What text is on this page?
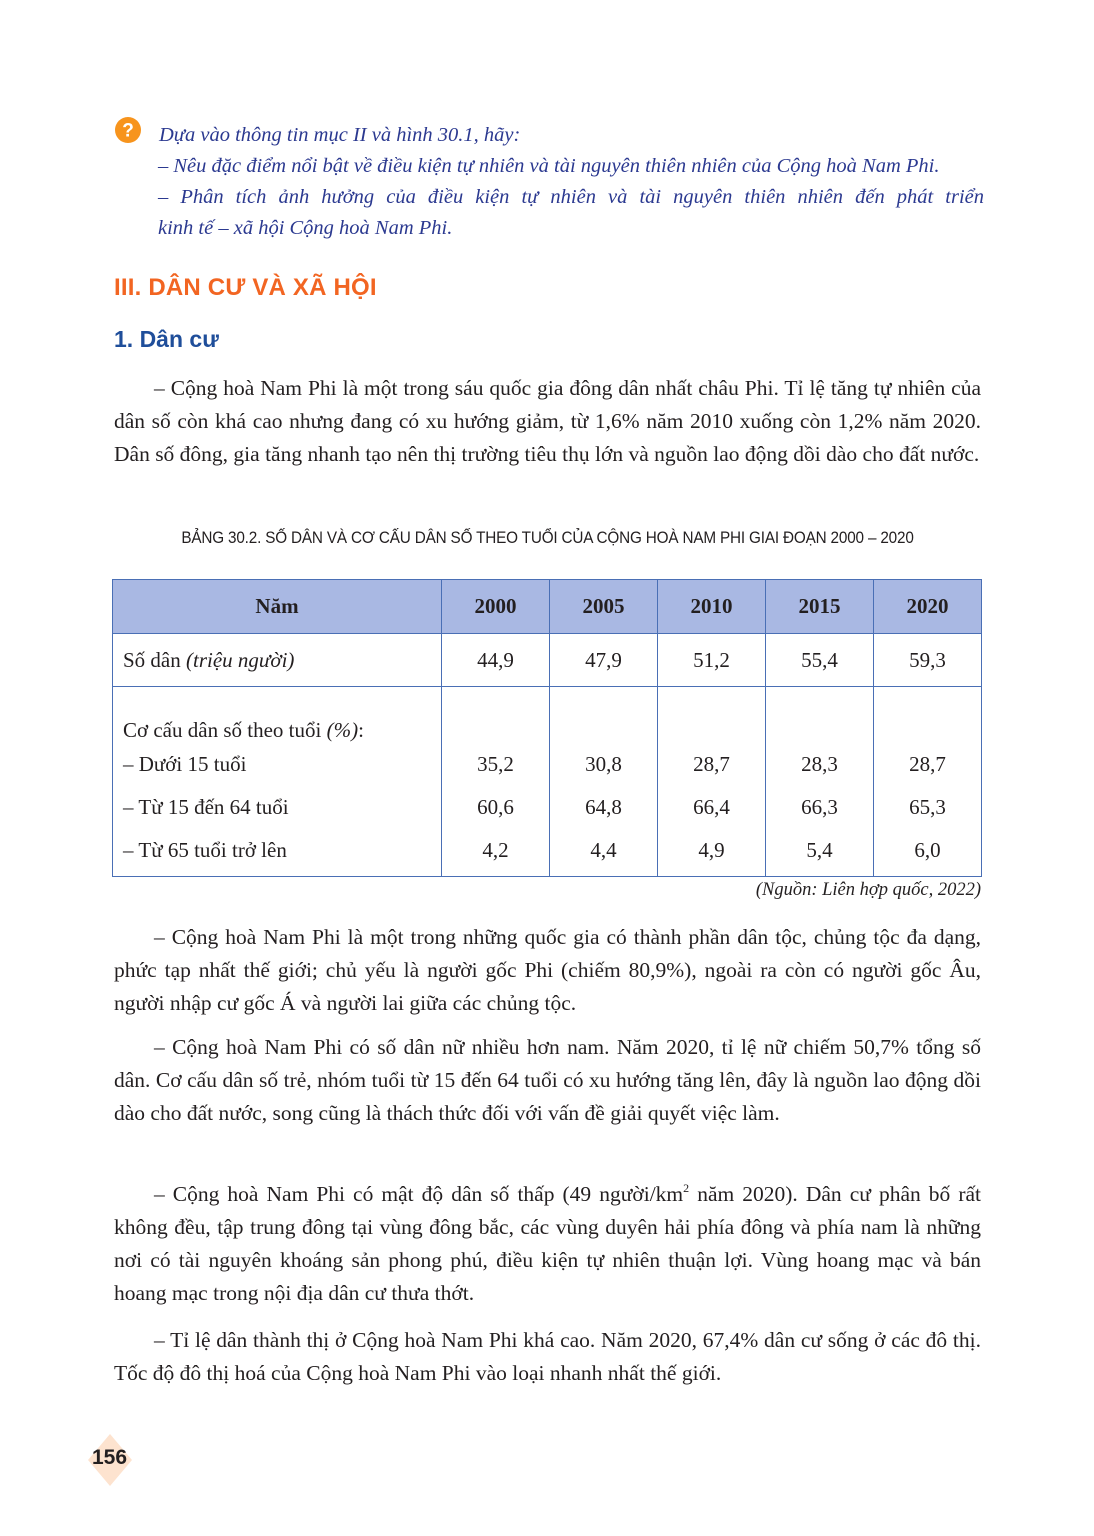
? Dựa vào thông tin mục II và hình 30.1, hãy:
– Nêu đặc điểm nổi bật về điều kiện tự nhiên và tài nguyên thiên nhiên của Cộng hoà Nam Phi.
– Phân tích ảnh hưởng của điều kiện tự nhiên và tài nguyên thiên nhiên đến phát triển
kinh tế – xã hội Cộng hoà Nam Phi.
III. DÂN CƯ VÀ XÃ HỘI
1. Dân cư

– Cộng hoà Nam Phi là một trong sáu quốc gia đông dân nhất châu Phi. Tỉ lệ tăng tự nhiên của dân số còn khá cao nhưng đang có xu hướng giảm, từ 1,6% năm 2010 xuống còn 1,2% năm 2020. Dân số đông, gia tăng nhanh tạo nên thị trường tiêu thụ lớn và nguồn lao động dồi dào cho đất nước.

BẢNG 30.2. SỐ DÂN VÀ CƠ CẤU DÂN SỐ THEO TUỔI CỦA CỘNG HOÀ NAM PHI GIAI ĐOẠN 2000 – 2020
Năm	2000	2005	2010	2015	2020
Số dân (triệu người)	44,9	47,9	51,2	55,4	59,3
Cơ cấu dân số theo tuổi (%):					
– Dưới 15 tuổi	35,2	30,8	28,7	28,3	28,7
– Từ 15 đến 64 tuổi	60,6	64,8	66,4	66,3	65,3
– Từ 65 tuổi trở lên	4,2	4,4	4,9	5,4	6,0
(Nguồn: Liên hợp quốc, 2022)

– Cộng hoà Nam Phi là một trong những quốc gia có thành phần dân tộc, chủng tộc đa dạng, phức tạp nhất thế giới; chủ yếu là người gốc Phi (chiếm 80,9%), ngoài ra còn có người gốc Âu, người nhập cư gốc Á và người lai giữa các chủng tộc.

– Cộng hoà Nam Phi có số dân nữ nhiều hơn nam. Năm 2020, tỉ lệ nữ chiếm 50,7% tổng số dân. Cơ cấu dân số trẻ, nhóm tuổi từ 15 đến 64 tuổi có xu hướng tăng lên, đây là nguồn lao động dồi dào cho đất nước, song cũng là thách thức đối với vấn đề giải quyết việc làm.

– Cộng hoà Nam Phi có mật độ dân số thấp (49 người/$km^2$ năm 2020). Dân cư phân bố rất không đều, tập trung đông tại vùng đông bắc, các vùng duyên hải phía đông và phía nam là những nơi có tài nguyên khoáng sản phong phú, điều kiện tự nhiên thuận lợi. Vùng hoang mạc và bán hoang mạc trong nội địa dân cư thưa thớt.

– Tỉ lệ dân thành thị ở Cộng hoà Nam Phi khá cao. Năm 2020, 67,4% dân cư sống ở các đô thị. Tốc độ đô thị hoá của Cộng hoà Nam Phi vào loại nhanh nhất thế giới.

156
